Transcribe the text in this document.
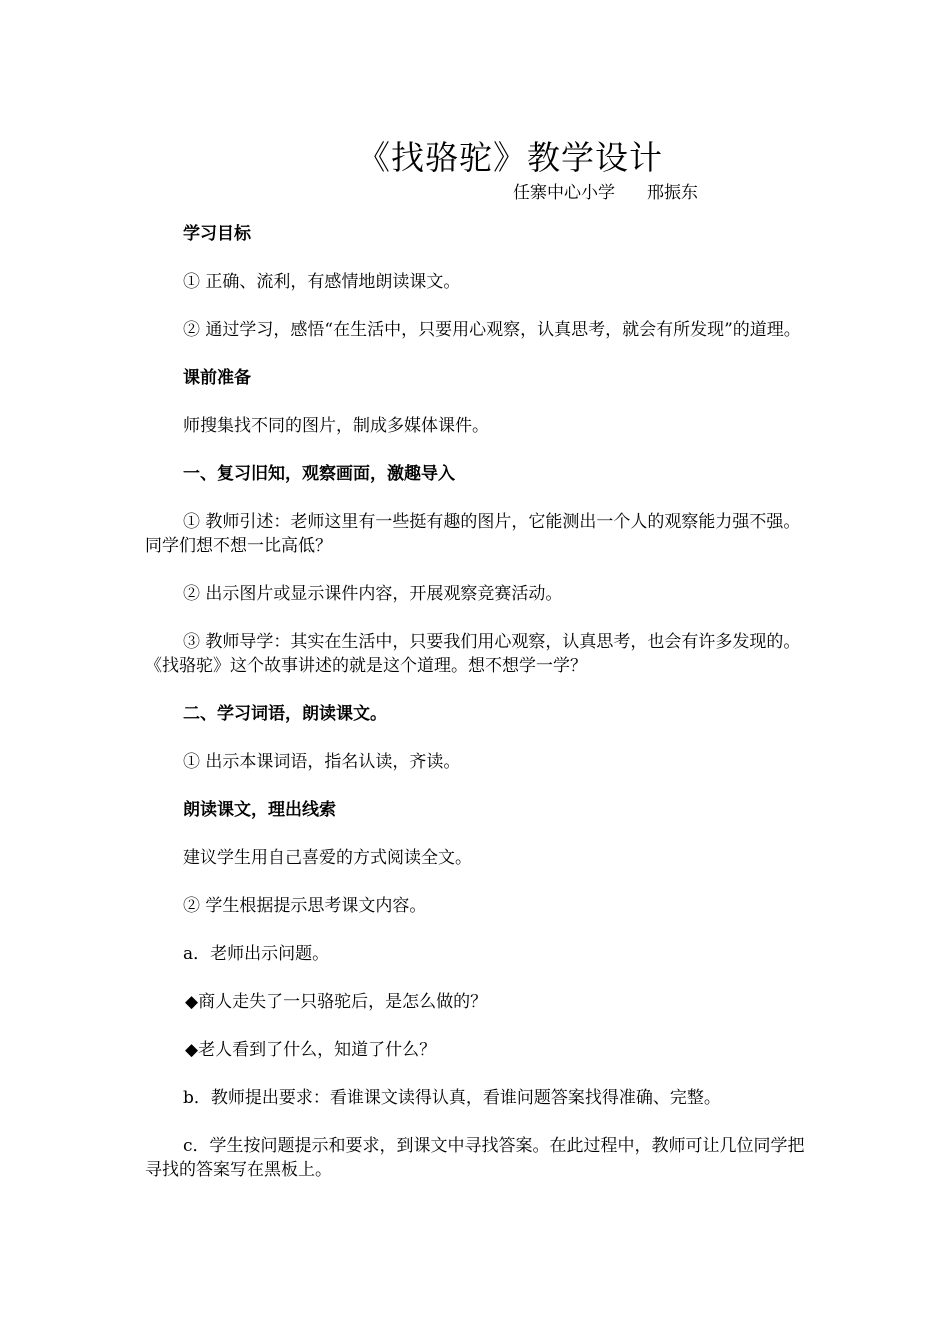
《找骆驼》教学设计
任寨中心小学 邢振东

学习目标

① 正确、流利，有感情地朗读课文。

② 通过学习，感悟“在生活中，只要用心观察，认真思考，就会有所发现”的道理。

课前准备

师搜集找不同的图片，制成多媒体课件。

一、复习旧知，观察画面，激趣导入

① 教师引述：老师这里有一些挺有趣的图片，它能测出一个人的观察能力强不强。同学们想不想一比高低？

② 出示图片或显示课件内容，开展观察竞赛活动。

③ 教师导学：其实在生活中，只要我们用心观察，认真思考，也会有许多发现的。《找骆驼》这个故事讲述的就是这个道理。想不想学一学？

二、学习词语，朗读课文。

① 出示本课词语，指名认读，齐读。

朗读课文，理出线索

建议学生用自己喜爱的方式阅读全文。

② 学生根据提示思考课文内容。

a．老师出示问题。

◆商人走失了一只骆驼后，是怎么做的？

◆老人看到了什么，知道了什么？

b．教师提出要求：看谁课文读得认真，看谁问题答案找得准确、完整。

c．学生按问题提示和要求，到课文中寻找答案。在此过程中，教师可让几位同学把寻找的答案写在黑板上。
